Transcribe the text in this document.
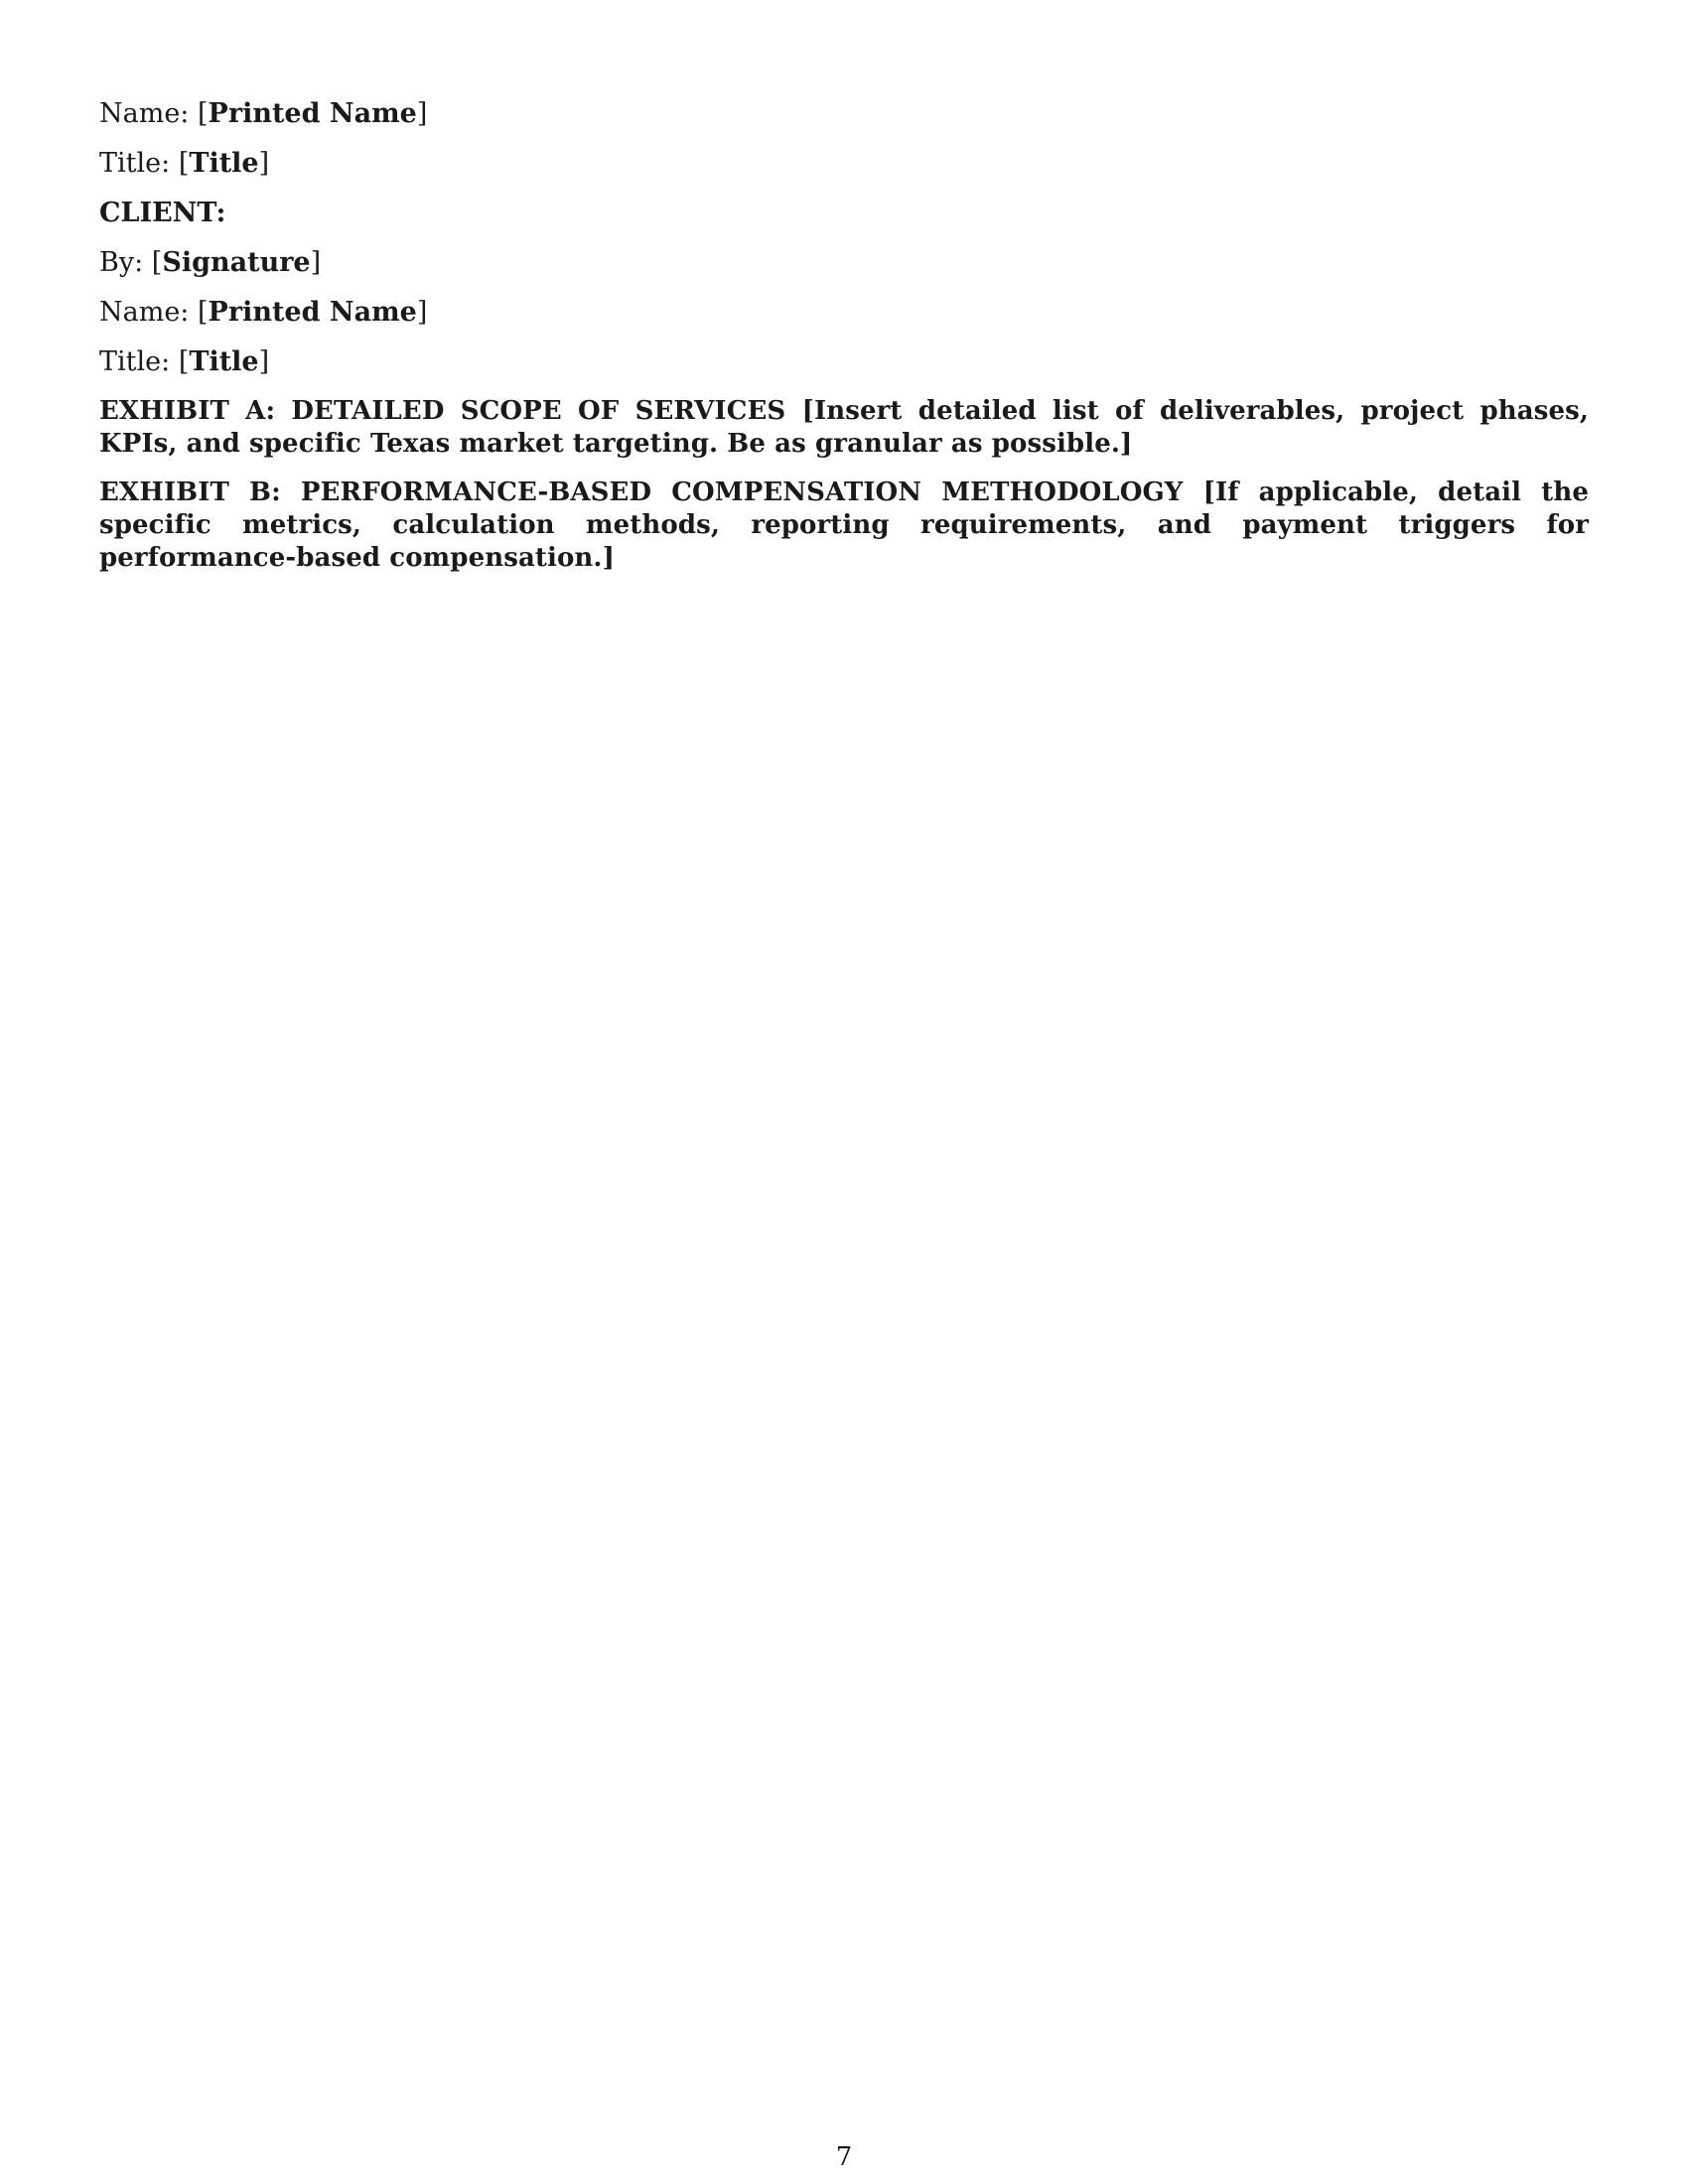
Name: [Printed Name]

Title: [Title]

CLIENT:

By: [Signature]

Name: [Printed Name]

Title: [Title]

EXHIBIT A: DETAILED SCOPE OF SERVICES [Insert detailed list of deliverables, project phases, KPIs, and specific Texas market targeting. Be as granular as possible.]

EXHIBIT B: PERFORMANCE-BASED COMPENSATION METHODOLOGY [If applicable, detail the specific metrics, calculation methods, reporting requirements, and payment triggers for performance-based compensation.]

7
